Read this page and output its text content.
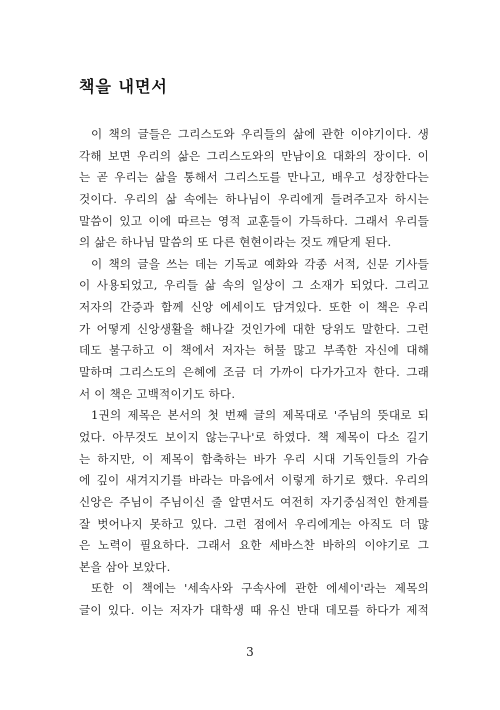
책을 내면서
이 책의 글들은 그리스도와 우리들의 삶에 관한 이야기이다. 생
각해 보면 우리의 삶은 그리스도와의 만남이요 대화의 장이다. 이
는 곧 우리는 삶을 통해서 그리스도를 만나고, 배우고 성장한다는
것이다. 우리의 삶 속에는 하나님이 우리에게 들려주고자 하시는
말씀이 있고 이에 따르는 영적 교훈들이 가득하다. 그래서 우리들
의 삶은 하나님 말씀의 또 다른 현현이라는 것도 깨닫게 된다.
이 책의 글을 쓰는 데는 기독교 예화와 각종 서적, 신문 기사들
이 사용되었고, 우리들 삶 속의 일상이 그 소재가 되었다. 그리고
저자의 간증과 함께 신앙 에세이도 담겨있다. 또한 이 책은 우리
가 어떻게 신앙생활을 해나갈 것인가에 대한 당위도 말한다. 그런
데도 불구하고 이 책에서 저자는 허물 많고 부족한 자신에 대해
말하며 그리스도의 은혜에 조금 더 가까이 다가가고자 한다. 그래
서 이 책은 고백적이기도 하다.
1권의 제목은 본서의 첫 번째 글의 제목대로 '주님의 뜻대로 되
었다. 아무것도 보이지 않는구나'로 하였다. 책 제목이 다소 길기
는 하지만, 이 제목이 함축하는 바가 우리 시대 기독인들의 가슴
에 깊이 새겨지기를 바라는 마음에서 이렇게 하기로 했다. 우리의
신앙은 주님이 주님이신 줄 알면서도 여전히 자기중심적인 한계를
잘 벗어나지 못하고 있다. 그런 점에서 우리에게는 아직도 더 많
은 노력이 필요하다. 그래서 요한 세바스찬 바하의 이야기로 그
본을 삼아 보았다.
또한 이 책에는 '세속사와 구속사에 관한 에세이'라는 제목의
글이 있다. 이는 저자가 대학생 때 유신 반대 데모를 하다가 제적
3
